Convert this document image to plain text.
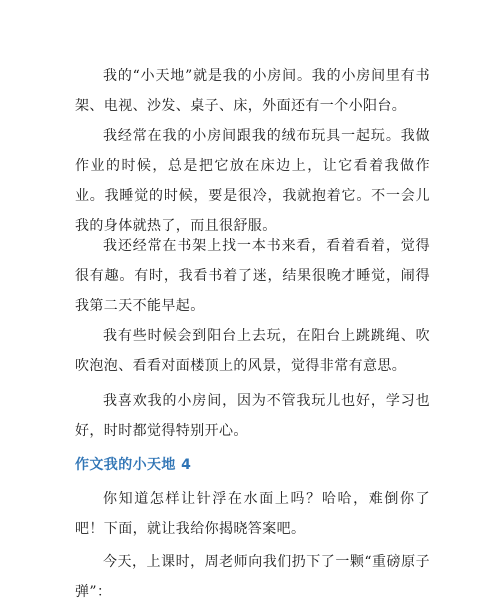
我的“小天地”就是我的小房间。我的小房间里有书架、电视、沙发、桌子、床，外面还有一个小阳台。

我经常在我的小房间跟我的绒布玩具一起玩。我做作业的时候，总是把它放在床边上，让它看着我做作业。我睡觉的时候，要是很冷，我就抱着它。不一会儿我的身体就热了，而且很舒服。

我还经常在书架上找一本书来看，看着看着，觉得很有趣。有时，我看书着了迷，结果很晚才睡觉，闹得我第二天不能早起。

我有些时候会到阳台上去玩，在阳台上跳跳绳、吹吹泡泡、看看对面楼顶上的风景，觉得非常有意思。

我喜欢我的小房间，因为不管我玩儿也好，学习也好，时时都觉得特别开心。

作文我的小天地 4

你知道怎样让针浮在水面上吗？哈哈，难倒你了吧！下面，就让我给你揭晓答案吧。

今天，上课时，周老师向我们扔下了一颗“重磅原子弹”：
